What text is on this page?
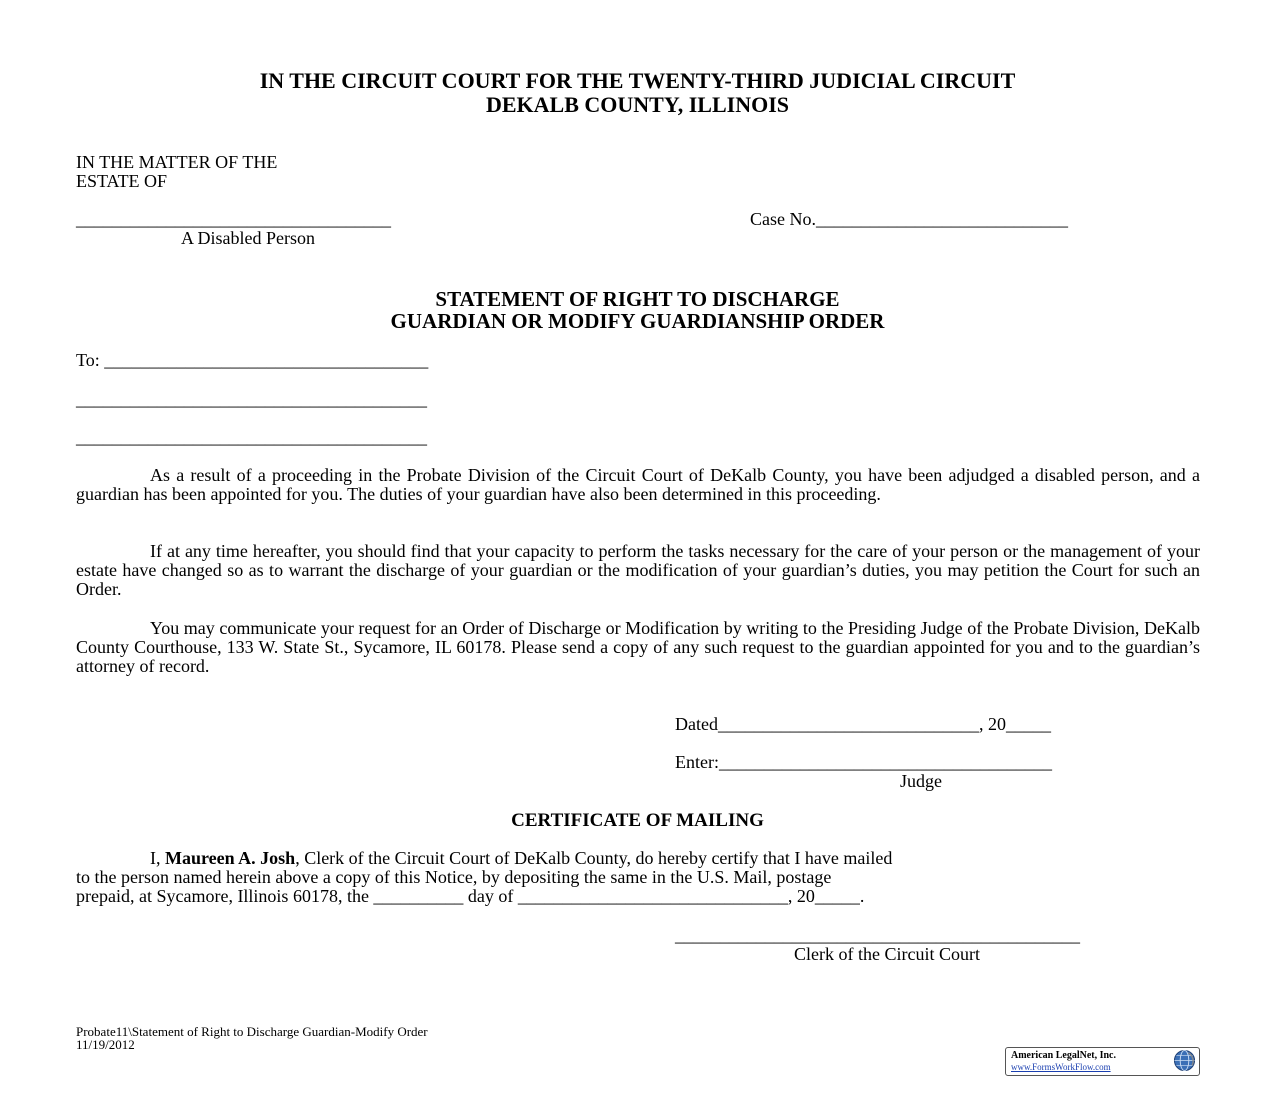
IN THE CIRCUIT COURT FOR THE TWENTY-THIRD JUDICIAL CIRCUIT
DEKALB COUNTY, ILLINOIS
IN THE MATTER OF THE
ESTATE OF
___________________________________	Case No.____________________________
A Disabled Person
STATEMENT OF RIGHT TO DISCHARGE
GUARDIAN OR MODIFY GUARDIANSHIP ORDER
To: ____________________________________
_______________________________________
_______________________________________
As a result of a proceeding in the Probate Division of the Circuit Court of DeKalb County, you have been adjudged a disabled person, and a guardian has been appointed for you. The duties of your guardian have also been determined in this proceeding.
If at any time hereafter, you should find that your capacity to perform the tasks necessary for the care of your person or the management of your estate have changed so as to warrant the discharge of your guardian or the modification of your guardian’s duties, you may petition the Court for such an Order.
You may communicate your request for an Order of Discharge or Modification by writing to the Presiding Judge of the Probate Division, DeKalb County Courthouse, 133 W. State St., Sycamore, IL 60178. Please send a copy of any such request to the guardian appointed for you and to the guardian’s attorney of record.
Dated_____________________________, 20_____
Enter:_____________________________________
Judge
CERTIFICATE OF MAILING
I, Maureen A. Josh, Clerk of the Circuit Court of DeKalb County, do hereby certify that I have mailed
to the person named herein above a copy of this Notice, by depositing the same in the U.S. Mail, postage
prepaid, at Sycamore, Illinois 60178, the __________ day of ______________________________, 20_____.
_____________________________________________
Clerk of the Circuit Court
Probate11\Statement of Right to Discharge Guardian-Modify Order
11/19/2012
American LegalNet, Inc.
www.FormsWorkFlow.com
